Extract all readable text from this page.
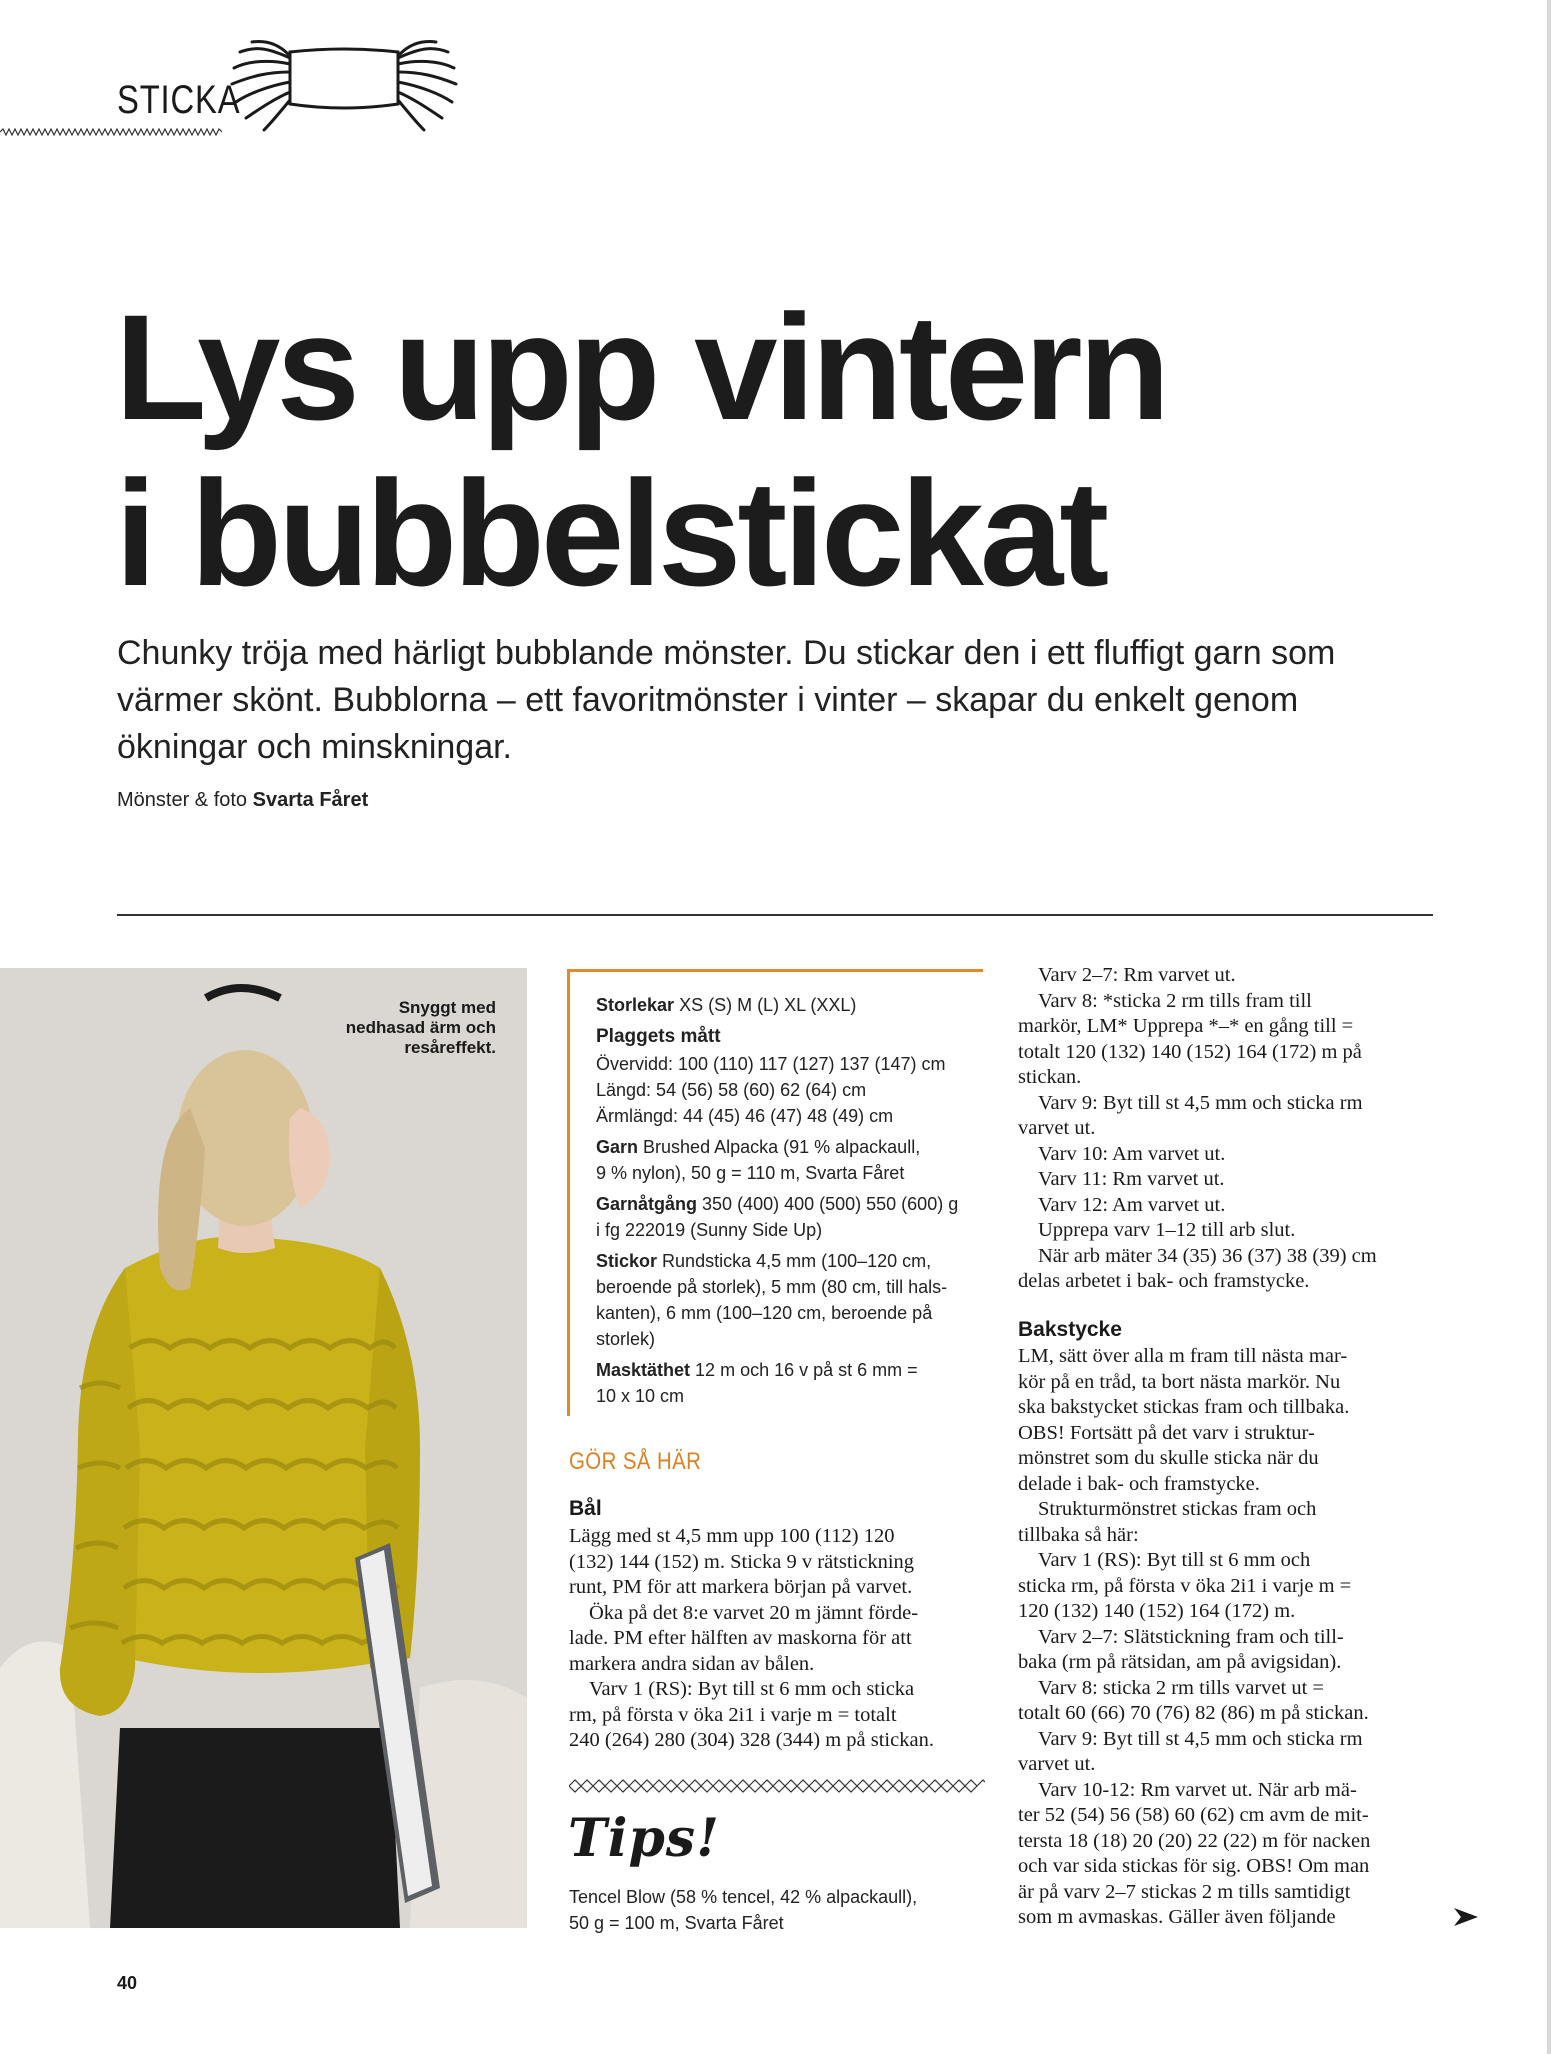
STICKA
Lys upp vintern
i bubbelstickat

Chunky tröja med härligt bubblande mönster. Du stickar den i ett fluffigt garn som värmer skönt. Bubblorna – ett favoritmönster i vinter – skapar du enkelt genom ökningar och minskningar.

Mönster & foto Svarta Fåret
Snyggt med nedhasad ärm och resåreffekt.
Storlekar XS (S) M (L) XL (XXL)
Plaggets mått
Övervidd: 100 (110) 117 (127) 137 (147) cm
Längd: 54 (56) 58 (60) 62 (64) cm
Ärmlängd: 44 (45) 46 (47) 48 (49) cm
Garn Brushed Alpacka (91 % alpackaull,
9 % nylon), 50 g = 110 m, Svarta Fåret
Garnåtgång 350 (400) 400 (500) 550 (600) g
i fg 222019 (Sunny Side Up)
Stickor Rundsticka 4,5 mm (100–120 cm,
beroende på storlek), 5 mm (80 cm, till hals-
kanten), 6 mm (100–120 cm, beroende på
storlek)
Masktäthet 12 m och 16 v på st 6 mm =
10 x 10 cm
GÖR SÅ HÄR
Bål

Lägg med st 4,5 mm upp 100 (112) 120

(132) 144 (152) m. Sticka 9 v rätstickning

runt, PM för att markera början på varvet.

Öka på det 8:e varvet 20 m jämnt förde-

lade. PM efter hälften av maskorna för att

markera andra sidan av bålen.

Varv 1 (RS): Byt till st 6 mm och sticka

rm, på första v öka 2i1 i varje m = totalt

240 (264) 280 (304) 328 (344) m på stickan.

Tips!
Tencel Blow (58 % tencel, 42 % alpackaull),
50 g = 100 m, Svarta Fåret

Varv 2–7: Rm varvet ut.

Varv 8: *sticka 2 rm tills fram till

markör, LM* Upprepa *–* en gång till =

totalt 120 (132) 140 (152) 164 (172) m på

stickan.

Varv 9: Byt till st 4,5 mm och sticka rm

varvet ut.

Varv 10: Am varvet ut.

Varv 11: Rm varvet ut.

Varv 12: Am varvet ut.

Upprepa varv 1–12 till arb slut.

När arb mäter 34 (35) 36 (37) 38 (39) cm

delas arbetet i bak- och framstycke.

Bakstycke

LM, sätt över alla m fram till nästa mar-

kör på en tråd, ta bort nästa markör. Nu

ska bakstycket stickas fram och tillbaka.

OBS! Fortsätt på det varv i struktur-

mönstret som du skulle sticka när du

delade i bak- och framstycke.

Strukturmönstret stickas fram och

tillbaka så här:

Varv 1 (RS): Byt till st 6 mm och

sticka rm, på första v öka 2i1 i varje m =

120 (132) 140 (152) 164 (172) m.

Varv 2–7: Slätstickning fram och till-

baka (rm på rätsidan, am på avigsidan).

Varv 8: sticka 2 rm tills varvet ut =

totalt 60 (66) 70 (76) 82 (86) m på stickan.

Varv 9: Byt till st 4,5 mm och sticka rm

varvet ut.

Varv 10-12: Rm varvet ut. När arb mä-

ter 52 (54) 56 (58) 60 (62) cm avm de mit-

tersta 18 (18) 20 (20) 22 (22) m för nacken

och var sida stickas för sig. OBS! Om man

är på varv 2–7 stickas 2 m tills samtidigt

som m avmaskas. Gäller även följande

40
